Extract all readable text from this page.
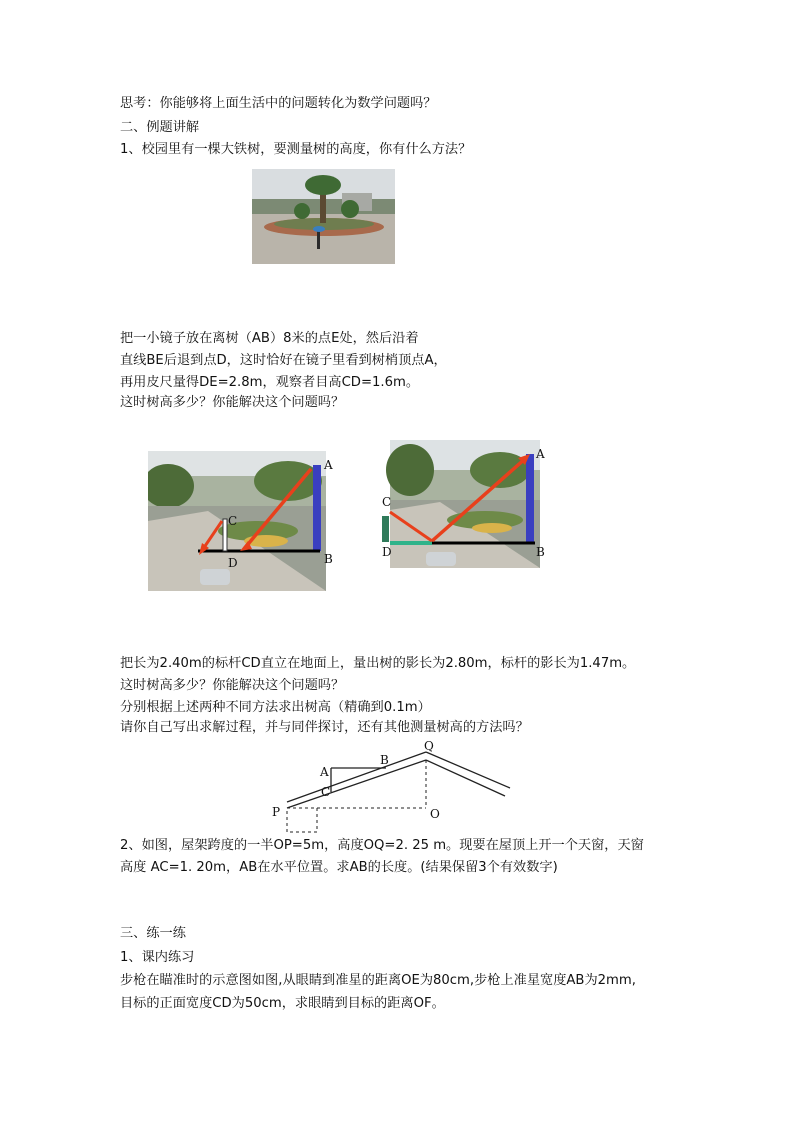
思考：你能够将上面生活中的问题转化为数学问题吗？
二、例题讲解
1、校园里有一棵大铁树，要测量树的高度，你有什么方法？
把一小镜子放在离树（AB）8米的点E处，然后沿着
直线BE后退到点D，这时恰好在镜子里看到树梢顶点A，
再用皮尺量得DE=2.8m，观察者目高CD=1.6m。
这时树高多少？你能解决这个问题吗？
A
B
C
D
A
B
C
D
把长为2.40m的标杆CD直立在地面上，量出树的影长为2.80m，标杆的影长为1.47m。
这时树高多少？你能解决这个问题吗？
分别根据上述两种不同方法求出树高（精确到0.1m）
请你自己写出求解过程，并与同伴探讨，还有其他测量树高的方法吗？
Q
A
B
C
P	O
2、如图，屋架跨度的一半OP=5m，高度OQ=2. 25 m。现要在屋顶上开一个天窗，天窗
高度 AC=1. 20m，AB在水平位置。求AB的长度。(结果保留3个有效数字)
三、练一练
1、课内练习
步枪在瞄准时的示意图如图,从眼睛到准星的距离OE为80cm,步枪上准星宽度AB为2mm,
目标的正面宽度CD为50cm，求眼睛到目标的距离OF。
